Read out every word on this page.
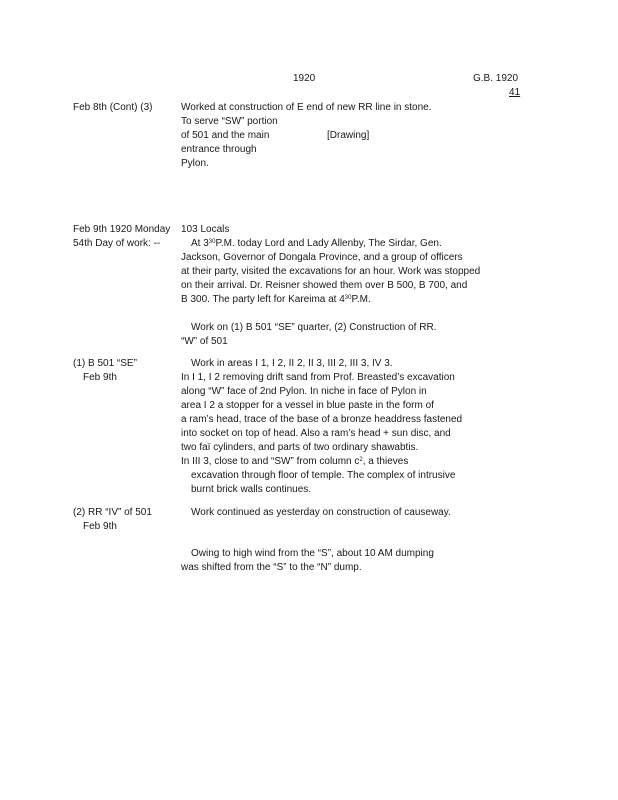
1920	G.B. 1920
41
Feb 8th (Cont) (3)	Worked at construction of E end of new RR line in stone.
To serve “SW” portion
of 501 and the main
entrance through
Pylon.
[Drawing]
Feb 9th 1920 Monday
54th Day of work: --
103 Locals
At $3^{30}P.M$. today Lord and Lady Allenby, The Sirdar, Gen.
Jackson, Governor of Dongala Province, and a group of officers
at their party, visited the excavations for an hour. Work was stopped
on their arrival. Dr. Reisner showed them over B 500, B 700, and
B 300. The party left for Kareima at $4^{30}P.M$.
Work on (1) B 501 “SE” quarter, (2) Construction of RR.
“W” of 501
(1) B 501 “SE”
Feb 9th
Work in areas I 1, I 2, II 2, II 3, III 2, III 3, IV 3.
In I 1, I 2 removing drift sand from Prof. Breasted’s excavation
along “W” face of 2nd Pylon. In niche in face of Pylon in
area I 2 a stopper for a vessel in blue paste in the form of
a ram’s head, trace of the base of a bronze headdress fastened
into socket on top of head. Also a ram’s head + sun disc, and
two faï cylinders, and parts of two ordinary shawabtis.
In III 3, close to and “SW” from column $c^2$, a thieves
excavation through floor of temple. The complex of intrusive
burnt brick walls continues.
(2) RR “IV” of 501
Feb 9th
Work continued as yesterday on construction of causeway.
Owing to high wind from the “S”, about 10 AM dumping
was shifted from the “S” to the “N” dump.
